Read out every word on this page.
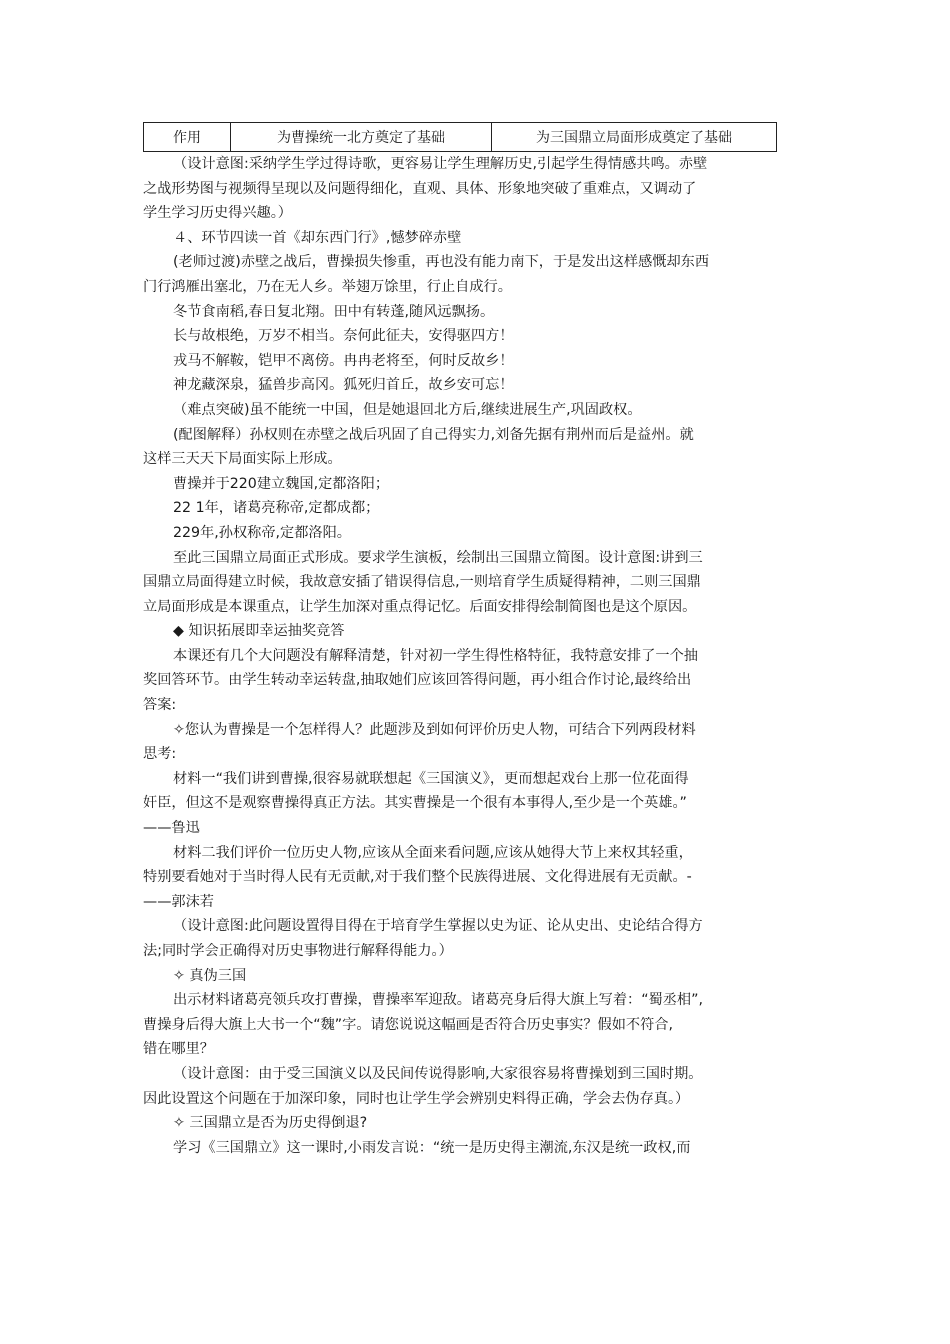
作用	为曹操统一北方奠定了基础	为三国鼎立局面形成奠定了基础
（设计意图:采纳学生学过得诗歌，更容易让学生理解历史,引起学生得情感共鸣。赤壁
之战形势图与视频得呈现以及问题得细化，直观、具体、形象地突破了重难点，又调动了
学生学习历史得兴趣。）
４、环节四读一首《却东西门行》,憾梦碎赤壁
(老师过渡)赤壁之战后，曹操损失惨重，再也没有能力南下，于是发出这样感慨却东西
门行鸿雁出塞北，乃在无人乡。举翅万馀里，行止自成行。
冬节食南稻,春日复北翔。田中有转蓬,随风远飘扬。
长与故根绝，万岁不相当。奈何此征夫，安得驱四方！
戎马不解鞍，铠甲不离傍。冉冉老将至，何时反故乡！
神龙藏深泉，猛兽步高冈。狐死归首丘，故乡安可忘！
（难点突破)虽不能统一中国，但是她退回北方后,继续进展生产,巩固政权。
(配图解释）孙权则在赤壁之战后巩固了自己得实力,刘备先据有荆州而后是益州。就
这样三天天下局面实际上形成。
曹操并于220建立魏国,定都洛阳；
22 1年，诸葛亮称帝,定都成都；
229年,孙权称帝,定都洛阳。
至此三国鼎立局面正式形成。要求学生演板，绘制出三国鼎立简图。设计意图:讲到三
国鼎立局面得建立时候，我故意安插了错误得信息,一则培育学生质疑得精神，二则三国鼎
立局面形成是本课重点，让学生加深对重点得记忆。后面安排得绘制简图也是这个原因。
◆ 知识拓展即幸运抽奖竞答
本课还有几个大问题没有解释清楚，针对初一学生得性格特征，我特意安排了一个抽
奖回答环节。由学生转动幸运转盘,抽取她们应该回答得问题，再小组合作讨论,最终给出
答案:
✧您认为曹操是一个怎样得人？此题涉及到如何评价历史人物，可结合下列两段材料
思考:
材料一“我们讲到曹操,很容易就联想起《三国演义》，更而想起戏台上那一位花面得
奸臣，但这不是观察曹操得真正方法。其实曹操是一个很有本事得人,至少是一个英雄。”
——鲁迅
材料二我们评价一位历史人物,应该从全面来看问题,应该从她得大节上来权其轻重，
特别要看她对于当时得人民有无贡献,对于我们整个民族得进展、文化得进展有无贡献。-
——郭沫若
（设计意图:此问题设置得目得在于培育学生掌握以史为证、论从史出、史论结合得方
法;同时学会正确得对历史事物进行解释得能力。）
✧ 真伪三国
出示材料诸葛亮领兵攻打曹操，曹操率军迎敌。诸葛亮身后得大旗上写着：“蜀丞相”,
曹操身后得大旗上大书一个“魏”字。请您说说这幅画是否符合历史事实？假如不符合,
错在哪里？
（设计意图：由于受三国演义以及民间传说得影响,大家很容易将曹操划到三国时期。
因此设置这个问题在于加深印象，同时也让学生学会辨别史料得正确，学会去伪存真。）
✧ 三国鼎立是否为历史得倒退?
学习《三国鼎立》这一课时,小雨发言说：“统一是历史得主潮流,东汉是统一政权,而
